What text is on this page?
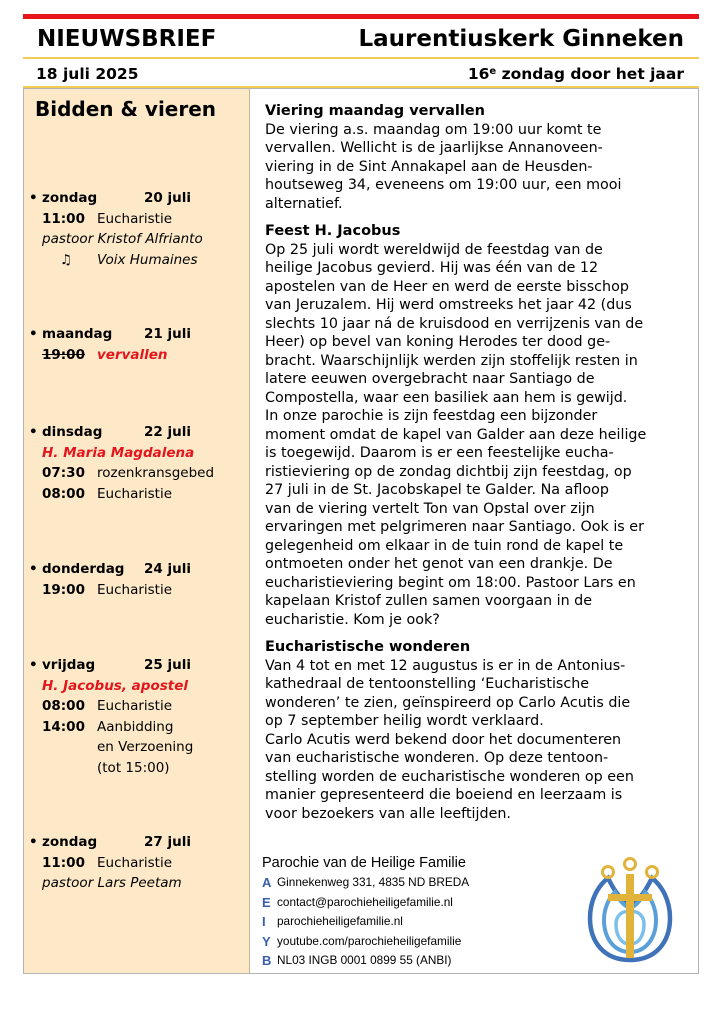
NIEUWSBRIEF	Laurentiuskerk Ginneken
18 juli 2025	16e zondag door het jaar
Bidden & vieren
• zondag	20 juli
11:00 Eucharistie
pastoor Kristof Alfrianto
♫ Voix Humaines
• maandag 21 juli
19:00 vervallen
• dinsdag	22 juli
H. Maria Magdalena
07:30 rozenkransgebed
08:00 Eucharistie
• donderdag 24 juli
19:00 Eucharistie
• vrijdag	25 juli
H. Jacobus, apostel
08:00 Eucharistie
14:00 Aanbidding
en Verzoening
(tot 15:00)
• zondag	27 juli
11:00 Eucharistie
pastoor Lars Peetam
Viering maandag vervallen
De viering a.s. maandag om 19:00 uur komt te
vervallen. Wellicht is de jaarlijkse Annanoveen-
viering in de Sint Annakapel aan de Heusden-
houtseweg 34, eveneens om 19:00 uur, een mooi
alternatief.
Feest H. Jacobus
Op 25 juli wordt wereldwijd de feestdag van de
heilige Jacobus gevierd. Hij was één van de 12
apostelen van de Heer en werd de eerste bisschop
van Jeruzalem. Hij werd omstreeks het jaar 42 (dus
slechts 10 jaar ná de kruisdood en verrijzenis van de
Heer) op bevel van koning Herodes ter dood ge-
bracht. Waarschijnlijk werden zijn stoffelijk resten in
latere eeuwen overgebracht naar Santiago de
Compostella, waar een basiliek aan hem is gewijd.
In onze parochie is zijn feestdag een bijzonder
moment omdat de kapel van Galder aan deze heilige
is toegewijd. Daarom is er een feestelijke eucha-
ristieviering op de zondag dichtbij zijn feestdag, op
27 juli in de St. Jacobskapel te Galder. Na afloop
van de viering vertelt Ton van Opstal over zijn
ervaringen met pelgrimeren naar Santiago. Ook is er
gelegenheid om elkaar in de tuin rond de kapel te
ontmoeten onder het genot van een drankje. De
eucharistieviering begint om 18:00. Pastoor Lars en
kapelaan Kristof zullen samen voorgaan in de
eucharistie. Kom je ook?
Eucharistische wonderen
Van 4 tot en met 12 augustus is er in de Antonius-
kathedraal de tentoonstelling ‘Eucharistische
wonderen’ te zien, geïnspireerd op Carlo Acutis die
op 7 september heilig wordt verklaard.
Carlo Acutis werd bekend door het documenteren
van eucharistische wonderen. Op deze tentoon-
stelling worden de eucharistische wonderen op een
manier gepresenteerd die boeiend en leerzaam is
voor bezoekers van alle leeftijden.
Parochie van de Heilige Familie
A Ginnekenweg 331, 4835 ND BREDA
E contact@parochieheiligefamilie.nl
I parochieheiligefamilie.nl
Y youtube.com/parochieheiligefamilie
B NL03 INGB 0001 0899 55 (ANBI)
